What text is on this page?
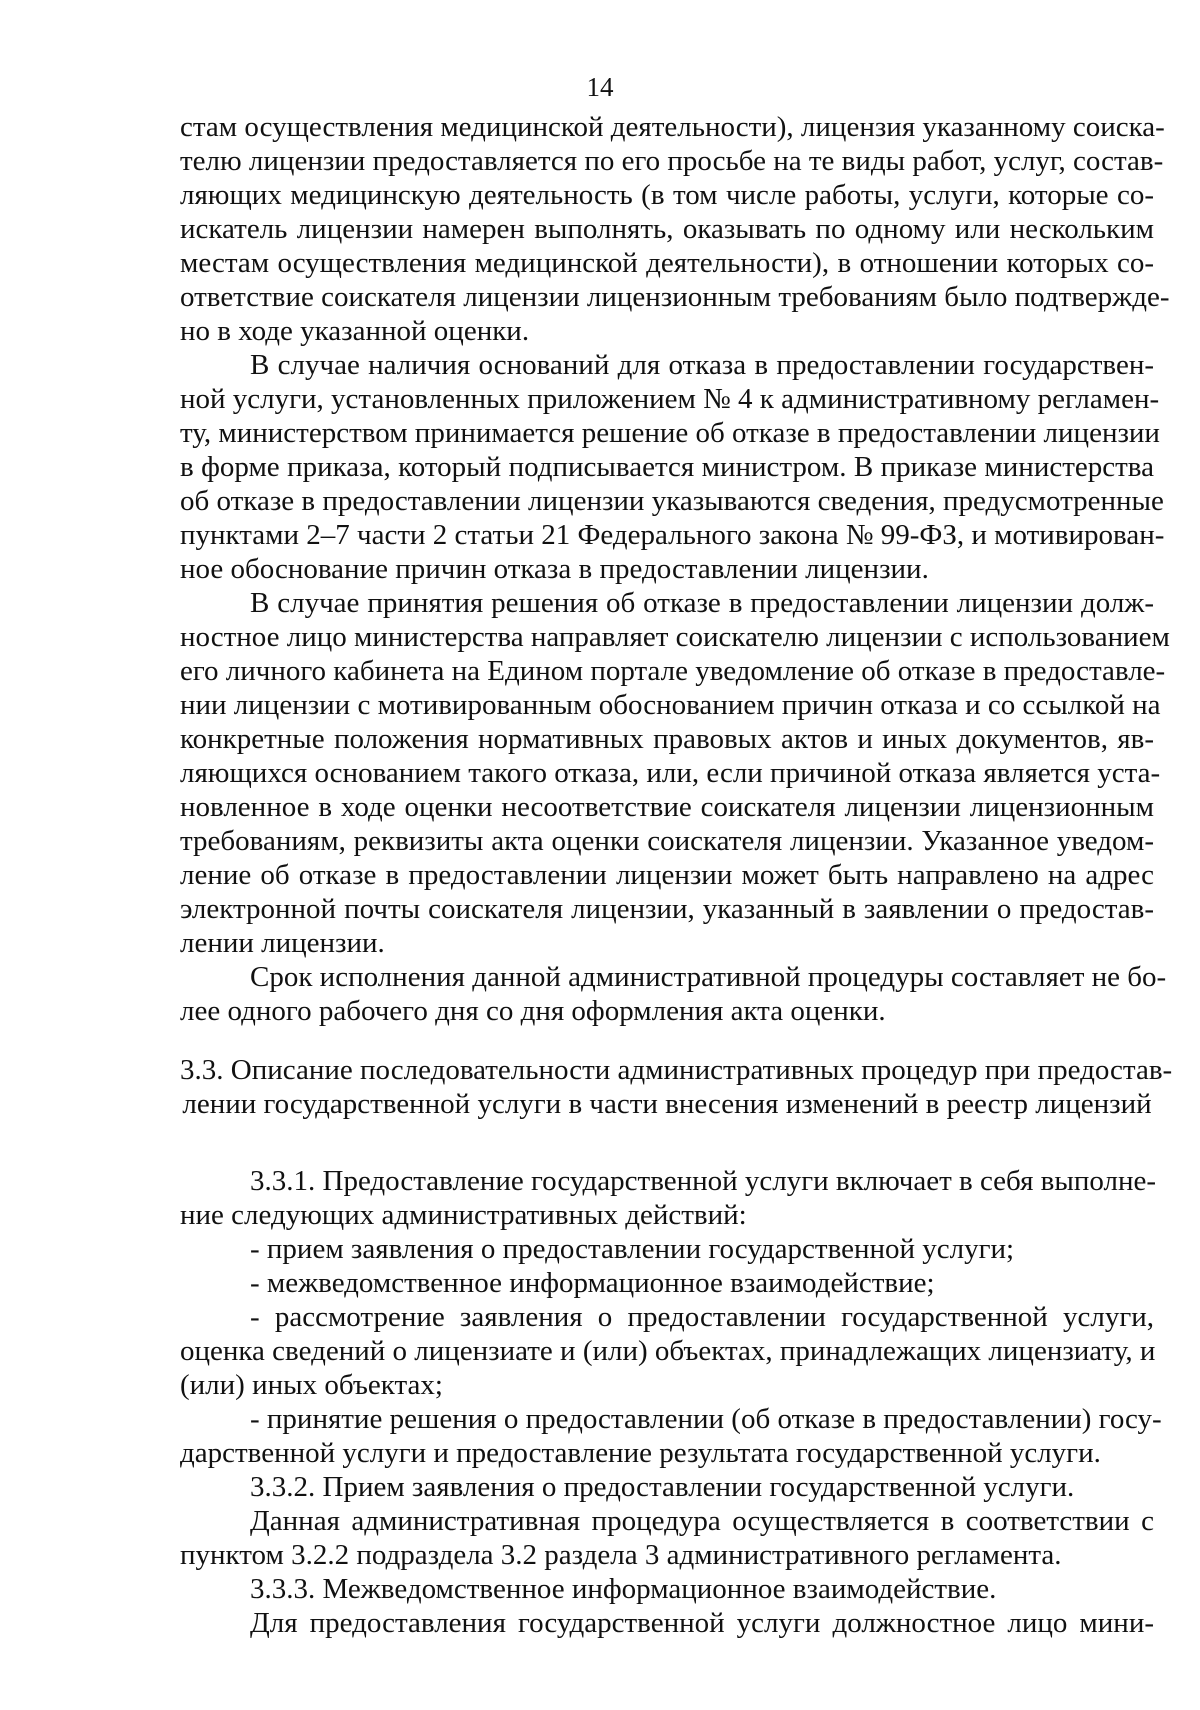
14
стам осуществления медицинской деятельности), лицензия указанному соиска-
телю лицензии предоставляется по его просьбе на те виды работ, услуг, состав-
ляющих медицинскую деятельность (в том числе работы, услуги, которые со-
искатель лицензии намерен выполнять, оказывать по одному или нескольким
местам осуществления медицинской деятельности), в отношении которых со-
ответствие соискателя лицензии лицензионным требованиям было подтвержде-
но в ходе указанной оценки.
В случае наличия оснований для отказа в предоставлении государствен-
ной услуги, установленных приложением № 4 к административному регламен-
ту, министерством принимается решение об отказе в предоставлении лицензии
в форме приказа, который подписывается министром. В приказе министерства
об отказе в предоставлении лицензии указываются сведения, предусмотренные
пунктами 2–7 части 2 статьи 21 Федерального закона № 99-ФЗ, и мотивирован-
ное обоснование причин отказа в предоставлении лицензии.
В случае принятия решения об отказе в предоставлении лицензии долж-
ностное лицо министерства направляет соискателю лицензии с использованием
его личного кабинета на Едином портале уведомление об отказе в предоставле-
нии лицензии с мотивированным обоснованием причин отказа и со ссылкой на
конкретные положения нормативных правовых актов и иных документов, яв-
ляющихся основанием такого отказа, или, если причиной отказа является уста-
новленное в ходе оценки несоответствие соискателя лицензии лицензионным
требованиям, реквизиты акта оценки соискателя лицензии. Указанное уведом-
ление об отказе в предоставлении лицензии может быть направлено на адрес
электронной почты соискателя лицензии, указанный в заявлении о предостав-
лении лицензии.
Срок исполнения данной административной процедуры составляет не бо-
лее одного рабочего дня со дня оформления акта оценки.
3.3. Описание последовательности административных процедур при предостав-
лении государственной услуги в части внесения изменений в реестр лицензий
3.3.1. Предоставление государственной услуги включает в себя выполне-
ние следующих административных действий:
- прием заявления о предоставлении государственной услуги;
- межведомственное информационное взаимодействие;
- рассмотрение заявления о предоставлении государственной услуги,
оценка сведений о лицензиате и (или) объектах, принадлежащих лицензиату, и
(или) иных объектах;
- принятие решения о предоставлении (об отказе в предоставлении) госу-
дарственной услуги и предоставление результата государственной услуги.
3.3.2. Прием заявления о предоставлении государственной услуги.
Данная административная процедура осуществляется в соответствии с
пунктом 3.2.2 подраздела 3.2 раздела 3 административного регламента.
3.3.3. Межведомственное информационное взаимодействие.
Для предоставления государственной услуги должностное лицо мини-
